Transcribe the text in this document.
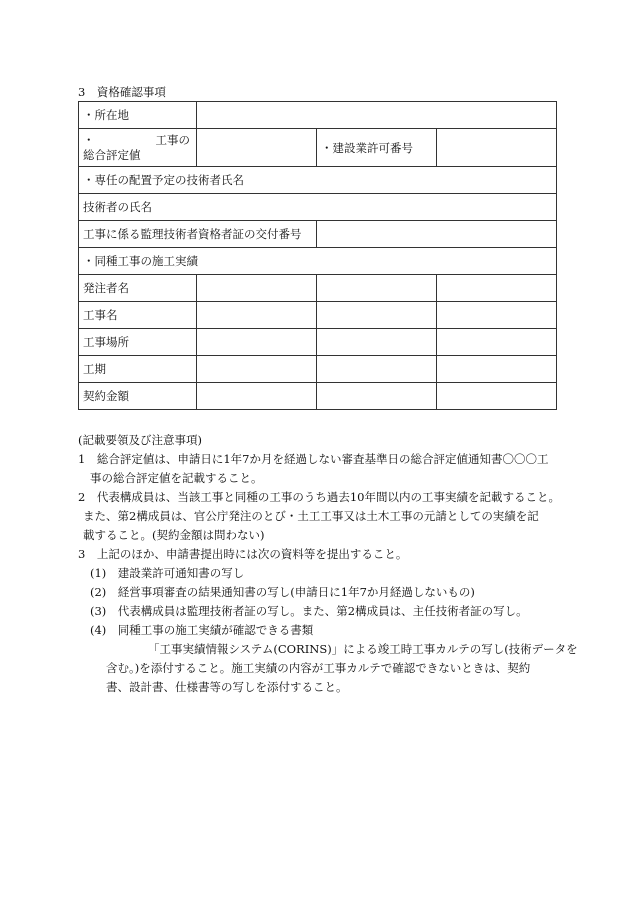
3　資格確認事項
・所在地			

・ 工事の
総合評定値		・建設業許可番号	
・専任の配置予定の技術者氏名			
技術者の氏名			
工事に係る監理技術者資格者証の交付番号			
・同種工事の施工実績			
発注者名			
工事名			
工事場所			
工期			
契約金額			

(記載要領及び注意事項)

1　総合評定値は、申請日に1年7か月を経過しない審査基準日の総合評定値通知書〇〇〇工

事の総合評定値を記載すること。

2　代表構成員は、当該工事と同種の工事のうち過去10年間以内の工事実績を記載すること。

また、第2構成員は、官公庁発注のとび・土工工事又は土木工事の元請としての実績を記

載すること。(契約金額は問わない)

3　上記のほか、申請書提出時には次の資料等を提出すること。

(1)　建設業許可通知書の写し

(2)　経営事項審査の結果通知書の写し(申請日に1年7か月経過しないもの)

(3)　代表構成員は監理技術者証の写し。また、第2構成員は、主任技術者証の写し。

(4)　同種工事の施工実績が確認できる書類

「工事実績情報システム(CORINS)」による竣工時工事カルテの写し(技術データを

含む。)を添付すること。施工実績の内容が工事カルテで確認できないときは、契約

書、設計書、仕様書等の写しを添付すること。
